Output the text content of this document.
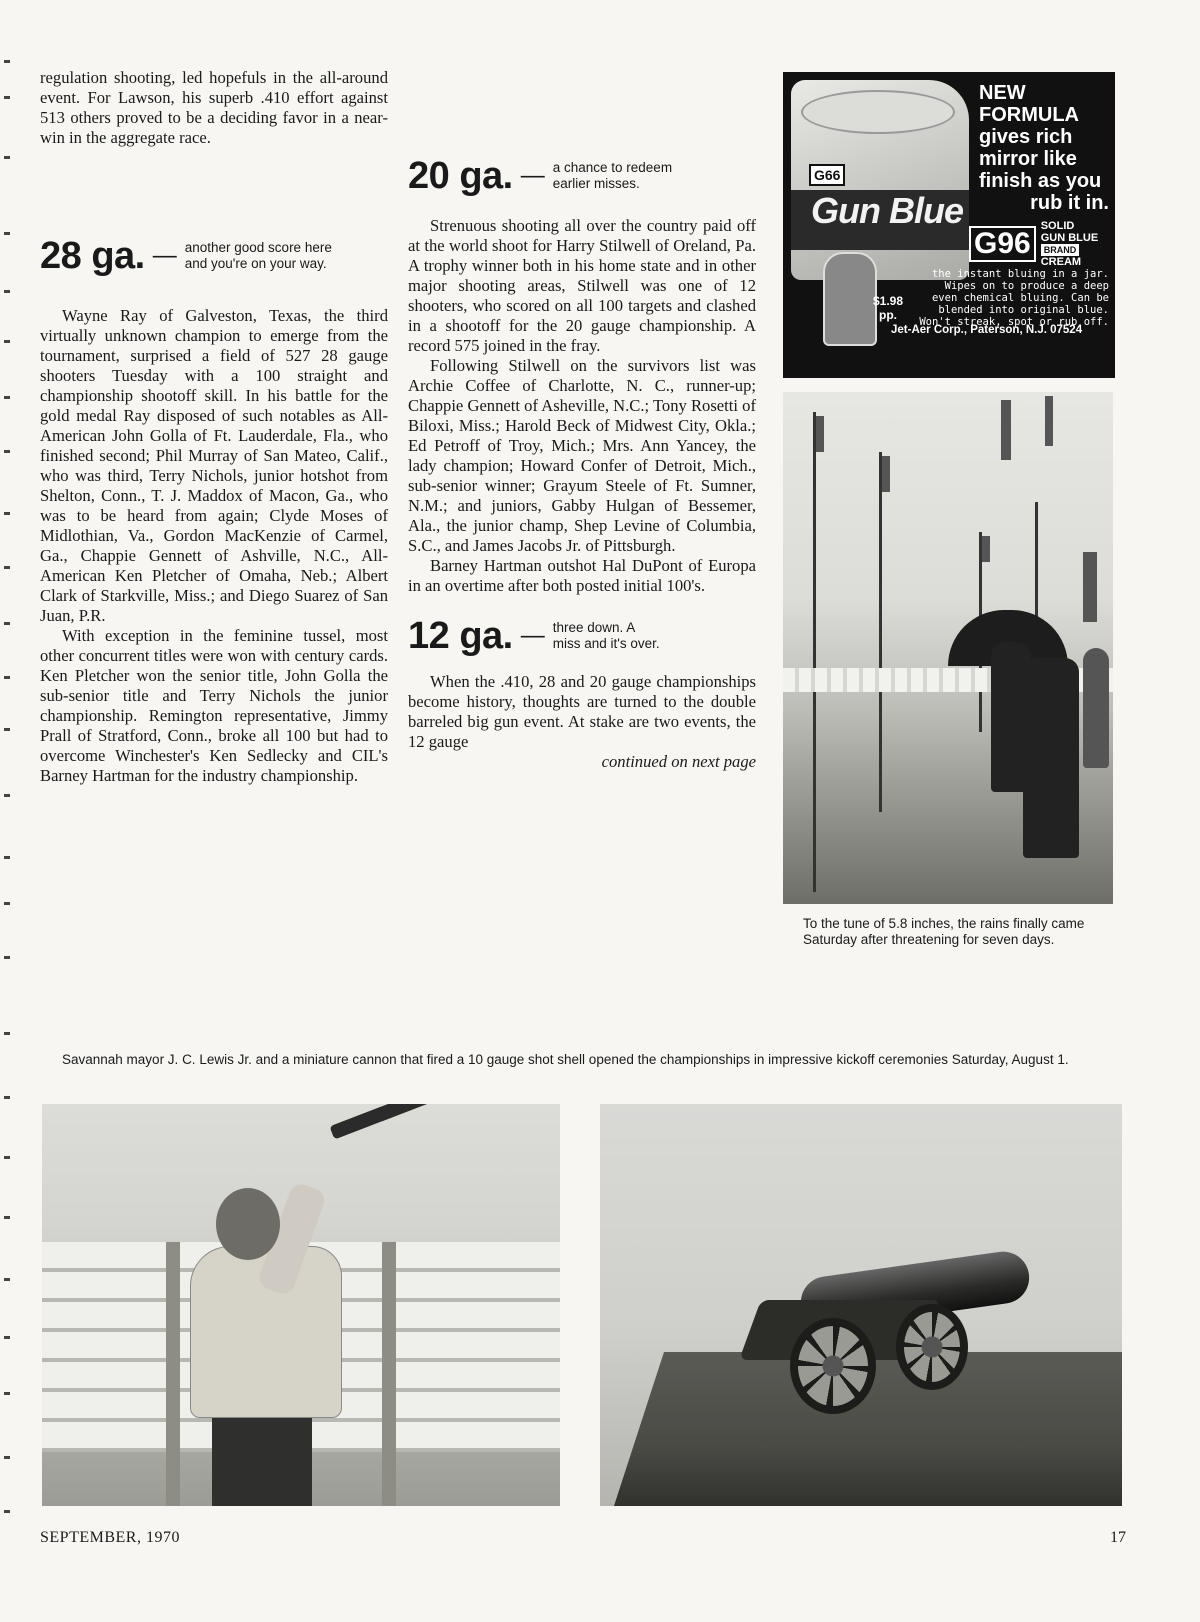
regulation shooting, led hopefuls in the all-around event. For Lawson, his superb .410 effort against 513 others proved to be a deciding favor in a near-win in the aggregate race.

28 ga. — another good score here
and you're on your way.

Wayne Ray of Galveston, Texas, the third virtually unknown champion to emerge from the tournament, surprised a field of 527 28 gauge shooters Tuesday with a 100 straight and championship shootoff skill. In his battle for the gold medal Ray disposed of such notables as All-American John Golla of Ft. Lauderdale, Fla., who finished second; Phil Murray of San Mateo, Calif., who was third, Terry Nichols, junior hotshot from Shelton, Conn., T. J. Maddox of Macon, Ga., who was to be heard from again; Clyde Moses of Midlothian, Va., Gordon MacKenzie of Carmel, Ga., Chappie Gennett of Ashville, N.C., All-American Ken Pletcher of Omaha, Neb.; Albert Clark of Starkville, Miss.; and Diego Suarez of San Juan, P.R.

With exception in the feminine tussel, most other concurrent titles were won with century cards. Ken Pletcher won the senior title, John Golla the sub-senior title and Terry Nichols the junior championship. Remington representative, Jimmy Prall of Stratford, Conn., broke all 100 but had to overcome Winchester's Ken Sedlecky and CIL's Barney Hartman for the industry championship.

20 ga. — a chance to redeem
earlier misses.

Strenuous shooting all over the country paid off at the world shoot for Harry Stilwell of Oreland, Pa. A trophy winner both in his home state and in other major shooting areas, Stilwell was one of 12 shooters, who scored on all 100 targets and clashed in a shootoff for the 20 gauge championship. A record 575 joined in the fray.

Following Stilwell on the survivors list was Archie Coffee of Charlotte, N. C., runner-up; Chappie Gennett of Asheville, N.C.; Tony Rosetti of Biloxi, Miss.; Harold Beck of Midwest City, Okla.; Ed Petroff of Troy, Mich.; Mrs. Ann Yancey, the lady champion; Howard Confer of Detroit, Mich., sub-senior winner; Grayum Steele of Ft. Sumner, N.M.; and juniors, Gabby Hulgan of Bessemer, Ala., the junior champ, Shep Levine of Columbia, S.C., and James Jacobs Jr. of Pittsburgh.

Barney Hartman outshot Hal DuPont of Europa in an overtime after both posted initial 100's.

12 ga. — three down. A
miss and it's over.

When the .410, 28 and 20 gauge championships become history, thoughts are turned to the double barreled big gun event. At stake are two events, the 12 gauge

continued on next page

G66
Gun Blue
NEW
FORMULA
gives rich
mirror like
finish as you
rub it in.
G96
SOLID
GUN BLUE
BRAND CREAM
the instant bluing in a jar.
Wipes on to produce a deep
even chemical bluing. Can be
blended into original blue.
Won't streak, spot or rub off.
$1.98
pp.
Jet-Aer Corp., Paterson, N.J. 07524
To the tune of 5.8 inches, the rains finally came Saturday after threatening for seven days.
Savannah mayor J. C. Lewis Jr. and a miniature cannon that fired a 10 gauge shot shell opened the championships in impressive kickoff ceremonies Saturday, August 1.
SEPTEMBER, 1970	17
